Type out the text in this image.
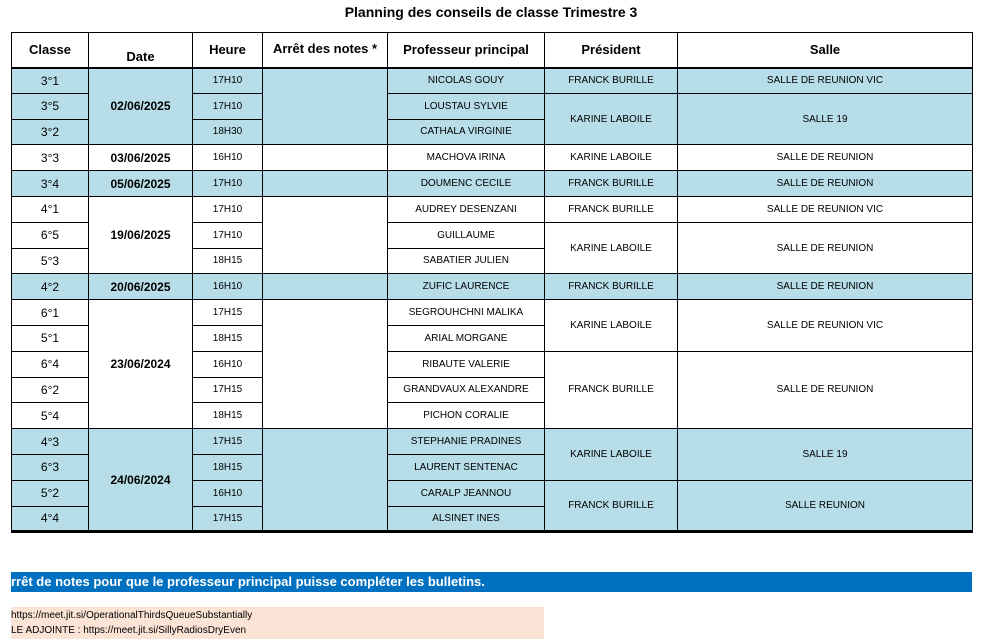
Planning des conseils de classe Trimestre 3
Classe	Date	Heure	Arrêt des notes *	Professeur principal	Président	Salle
3°1	02/06/2025	17H10		NICOLAS GOUY	FRANCK BURILLE	SALLE DE REUNION VIC
3°5		17H10		LOUSTAU SYLVIE	KARINE LABOILE	SALLE 19
3°2		18H30		CATHALA VIRGINIE		
3°3	03/06/2025	16H10		MACHOVA IRINA	KARINE LABOILE	SALLE DE REUNION
3°4	05/06/2025	17H10		DOUMENC CECILE	FRANCK BURILLE	SALLE DE REUNION
4°1	19/06/2025	17H10		AUDREY DESENZANI	FRANCK BURILLE	SALLE DE REUNION VIC
6°5		17H10		GUILLAUME	KARINE LABOILE	SALLE DE REUNION
5°3		18H15		SABATIER JULIEN		
4°2	20/06/2025	16H10		ZUFIC LAURENCE	FRANCK BURILLE	SALLE DE REUNION
6°1	23/06/2024	17H15		SEGROUHCHNI MALIKA	KARINE LABOILE	SALLE DE REUNION VIC
5°1		18H15		ARIAL MORGANE		
6°4		16H10		RIBAUTE VALERIE	FRANCK BURILLE	SALLE DE REUNION
6°2		17H15		GRANDVAUX ALEXANDRE		
5°4		18H15		PICHON CORALIE		
4°3	24/06/2024	17H15		STEPHANIE PRADINES	KARINE LABOILE	SALLE 19
6°3		18H15		LAURENT SENTENAC		
5°2		16H10		CARALP JEANNOU	FRANCK BURILLE	SALLE REUNION
4°4		17H15		ALSINET INES		
rrêt de notes pour que le professeur principal puisse compléter les bulletins.
https://meet.jit.si/OperationalThirdsQueueSubstantially
LE ADJOINTE : https://meet.jit.si/SillyRadiosDryEven
